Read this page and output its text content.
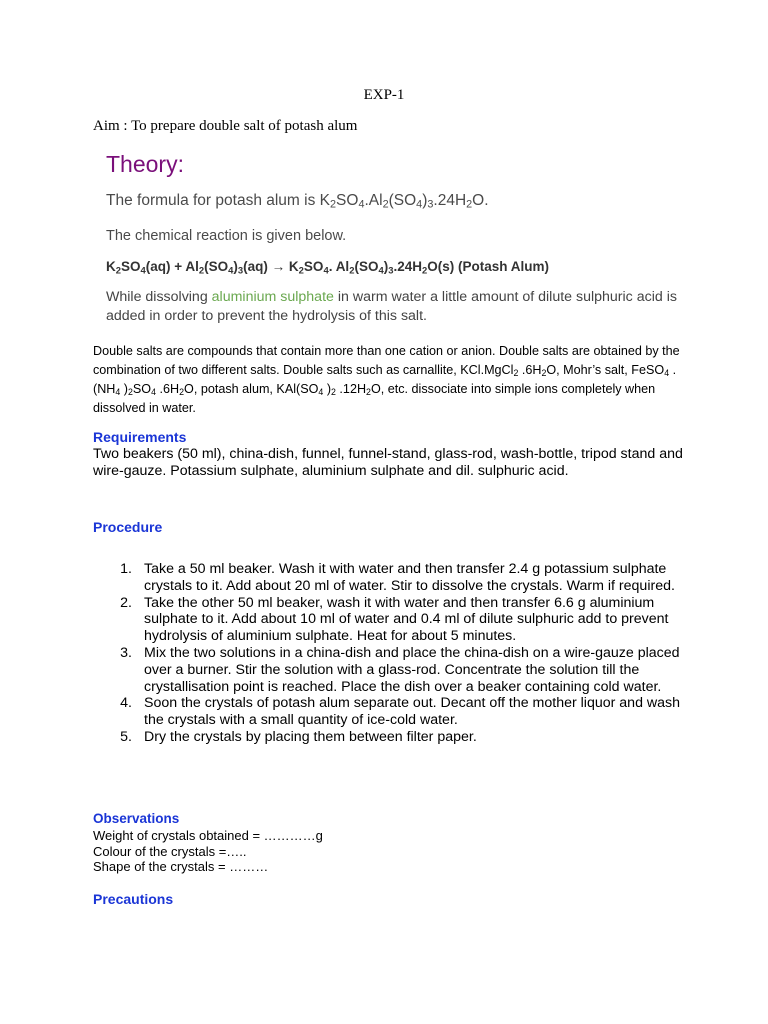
EXP-1
Aim : To prepare double salt of potash alum
Theory:
The formula for potash alum is $K_2SO_4.Al_2(SO_4)_3.24H_2O$.
The chemical reaction is given below.
$K_2SO_4(aq) + Al_2(SO_4)_3(aq) \to K_2SO_4$. $Al_2(SO_4)_3.24H_2O(s)$ (Potash Alum)
While dissolving aluminium sulphate in warm water a little amount of dilute sulphuric acid is added in order to prevent the hydrolysis of this salt.
Double salts are compounds that contain more than one cation or anion. Double salts are obtained by the combination of two different salts. Double salts such as carnallite, KCl.MgCl$_2$ $.6H_2O$, Mohr’s salt, FeSO$_4$ $.(NH_4$ )$_2SO_4$ $.6H_2O$, potash alum, $KAl(SO_4$ )$_2$ $.12H_2O$, etc. dissociate into simple ions completely when dissolved in water.
Requirements
Two beakers (50 ml), china-dish, funnel, funnel-stand, glass-rod, wash-bottle, tripod stand and wire-gauze. Potassium sulphate, aluminium sulphate and dil. sulphuric acid.
Procedure
1. Take a 50 ml beaker. Wash it with water and then transfer 2.4 g potassium sulphate crystals to it. Add about 20 ml of water. Stir to dissolve the crystals. Warm if required.
2. Take the other 50 ml beaker, wash it with water and then transfer 6.6 g aluminium sulphate to it. Add about 10 ml of water and 0.4 ml of dilute sulphuric add to prevent hydrolysis of aluminium sulphate. Heat for about 5 minutes.
3. Mix the two solutions in a china-dish and place the china-dish on a wire-gauze placed over a burner. Stir the solution with a glass-rod. Concentrate the solution till the crystallisation point is reached. Place the dish over a beaker containing cold water.
4. Soon the crystals of potash alum separate out. Decant off the mother liquor and wash the crystals with a small quantity of ice-cold water.
5. Dry the crystals by placing them between filter paper.
Observations
Weight of crystals obtained = …………g
Colour of the crystals =…..
Shape of the crystals = ………
Precautions
